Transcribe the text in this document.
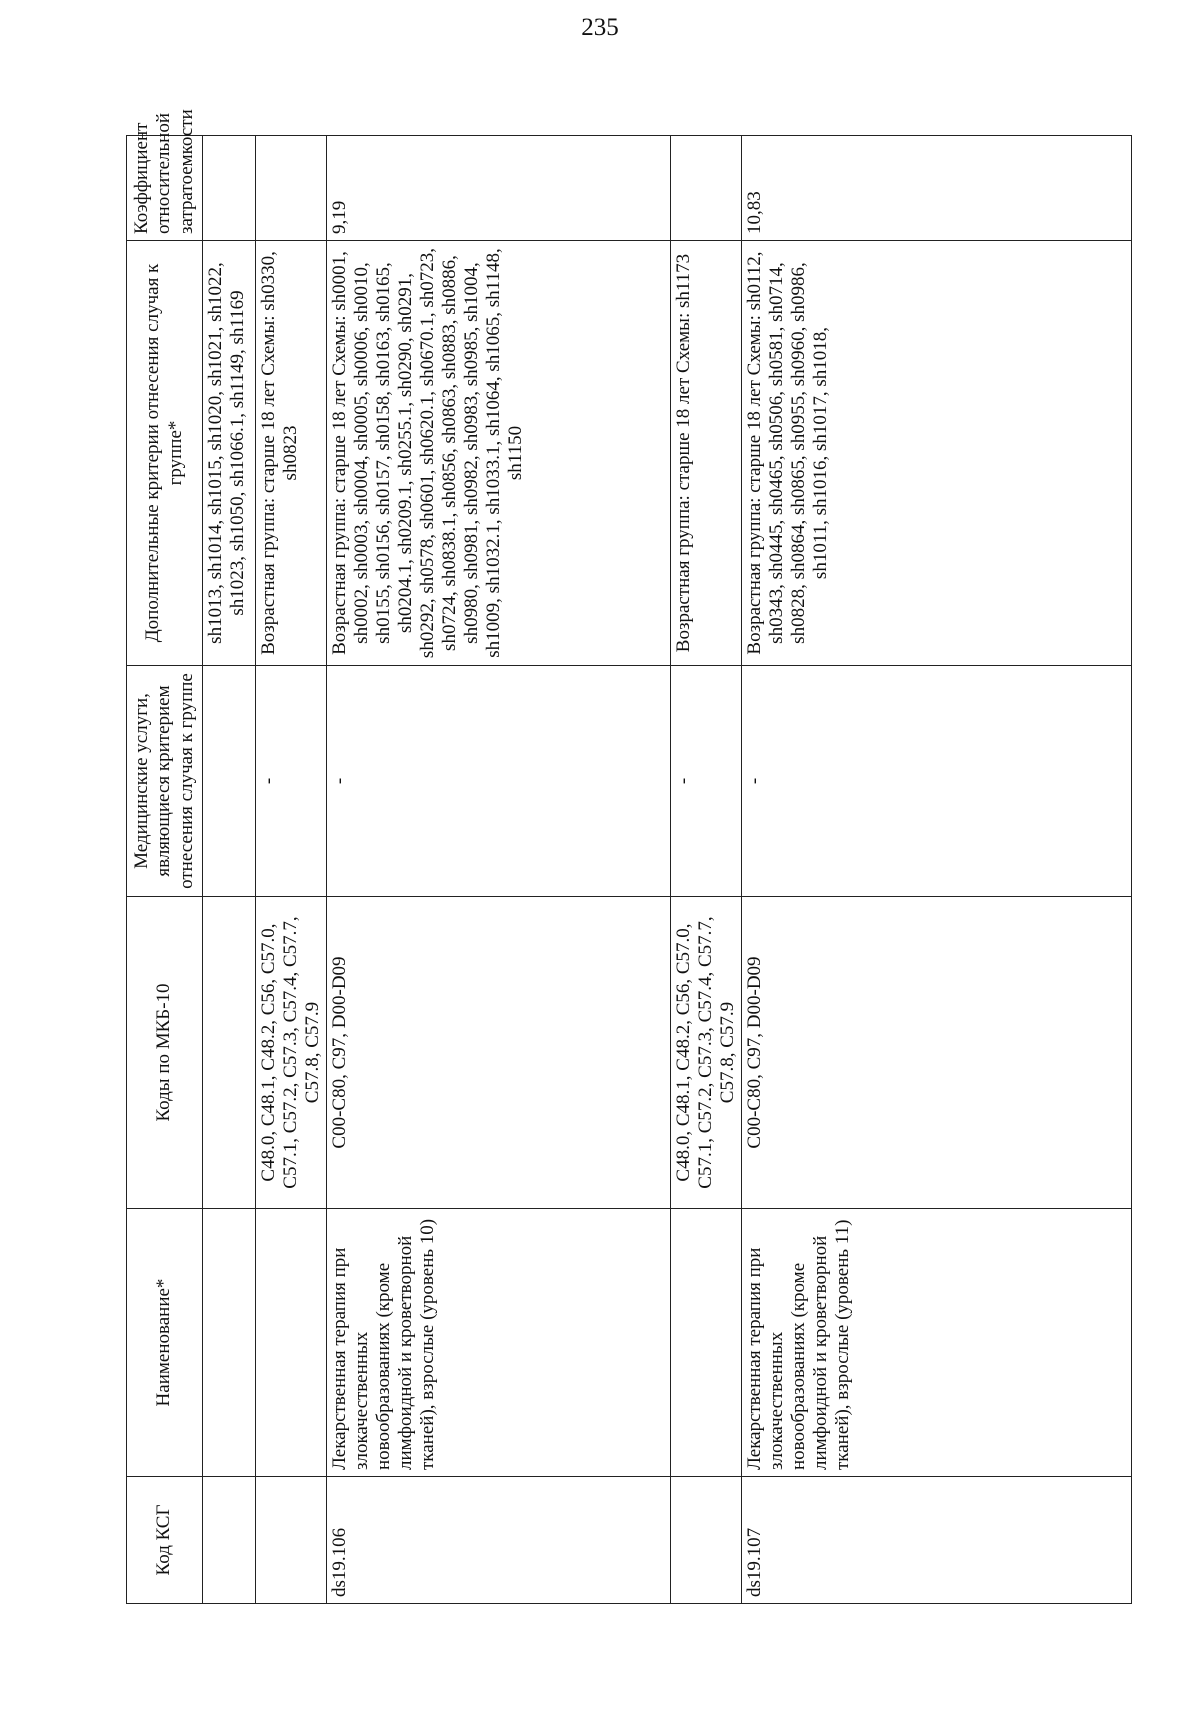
235
Код КСГ	Наименование*	Коды по МКБ-10	Медицинские услуги, являющиеся критерием отнесения случая к группе	Дополнительные критерии отнесения случая к группе*	Коэффициент относительной затратоемкости
				sh1013, sh1014, sh1015, sh1020, sh1021, sh1022, sh1023, sh1050, sh1066.1, sh1149, sh1169	
		C48.0, C48.1, C48.2, C56, C57.0, C57.1, C57.2, C57.3, C57.4, C57.7, C57.8, C57.9	-	Возрастная группа: старше 18 лет Схемы: sh0330, sh0823	
ds19.106	Лекарственная терапия при злокачественных новообразованиях (кроме лимфоидной и кроветворной тканей), взрослые (уровень 10)	C00-C80, C97, D00-D09	-	Возрастная группа: старше 18 лет Схемы: sh0001, sh0002, sh0003, sh0004, sh0005, sh0006, sh0010, sh0155, sh0156, sh0157, sh0158, sh0163, sh0165, sh0204.1, sh0209.1, sh0255.1, sh0290, sh0291, sh0292, sh0578, sh0601, sh0620.1, sh0670.1, sh0723, sh0724, sh0838.1, sh0856, sh0863, sh0883, sh0886, sh0980, sh0981, sh0982, sh0983, sh0985, sh1004, sh1009, sh1032.1, sh1033.1, sh1064, sh1065, sh1148, sh1150	9,19
		C48.0, C48.1, C48.2, C56, C57.0, C57.1, C57.2, C57.3, C57.4, C57.7, C57.8, C57.9	-	Возрастная группа: старше 18 лет Схемы: sh1173	
ds19.107	Лекарственная терапия при злокачественных новообразованиях (кроме лимфоидной и кроветворной тканей), взрослые (уровень 11)	C00-C80, C97, D00-D09	-	Возрастная группа: старше 18 лет Схемы: sh0112, sh0343, sh0445, sh0465, sh0506, sh0581, sh0714, sh0828, sh0864, sh0865, sh0955, sh0960, sh0986, sh1011, sh1016, sh1017, sh1018,	10,83
